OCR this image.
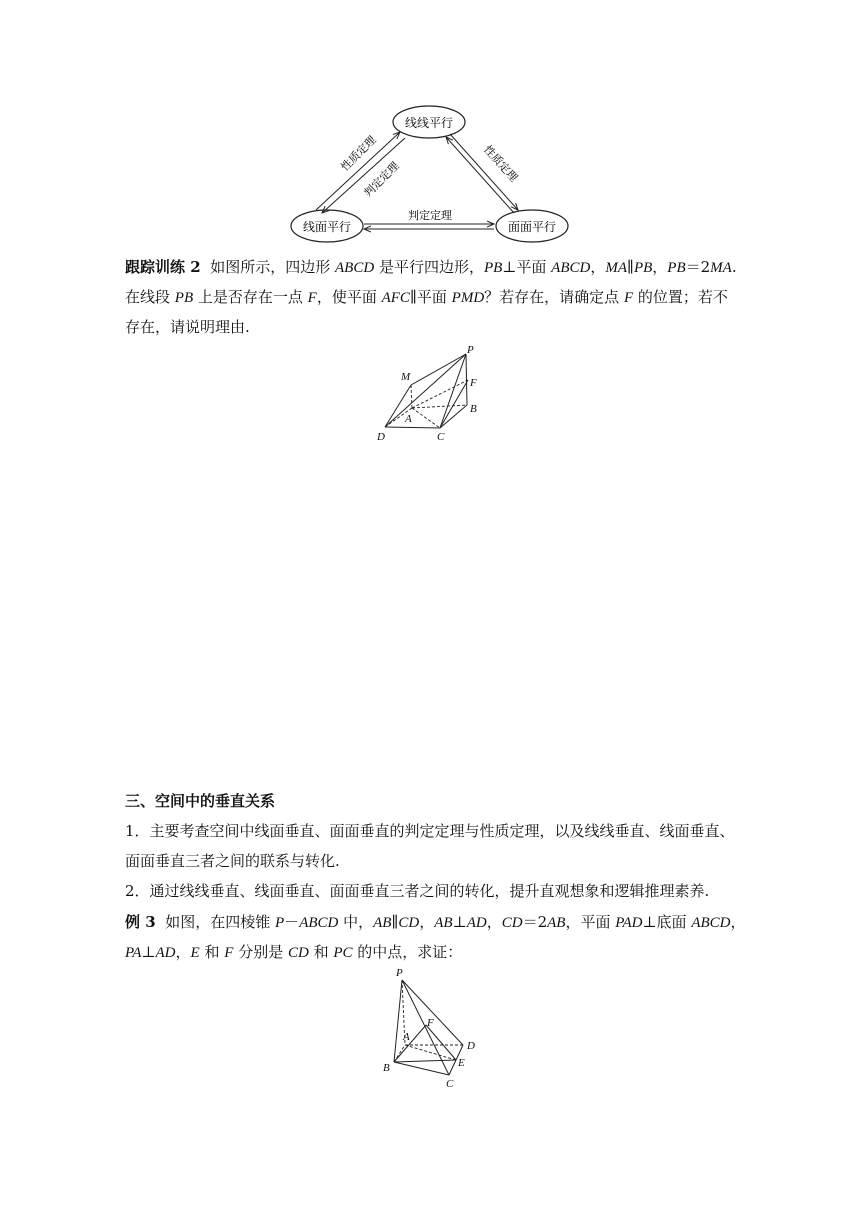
线线平行
线面平行	面面平行
性质定理
判定定理	性质定理
判定定理
跟踪训练 2 如图所示，四边形 ABCD 是平行四边形，PB⊥平面 ABCD，MA∥PB，PB＝2MA.
在线段 PB 上是否存在一点 F，使平面 AFC∥平面 PMD？若存在，请确定点 F 的位置；若不
存在，请说明理由.
P
M	F
B
A
C
D
三、空间中的垂直关系
1．主要考查空间中线面垂直、面面垂直的判定定理与性质定理，以及线线垂直、线面垂直、
面面垂直三者之间的联系与转化.
2．通过线线垂直、线面垂直、面面垂直三者之间的转化，提升直观想象和逻辑推理素养.
例 3 如图，在四棱锥 P－ABCD 中，AB∥CD，AB⊥AD，CD＝2AB，平面 PAD⊥底面 ABCD，
PA⊥AD，E 和 F 分别是 CD 和 PC 的中点，求证：
P
F
A
D
E
B
C
